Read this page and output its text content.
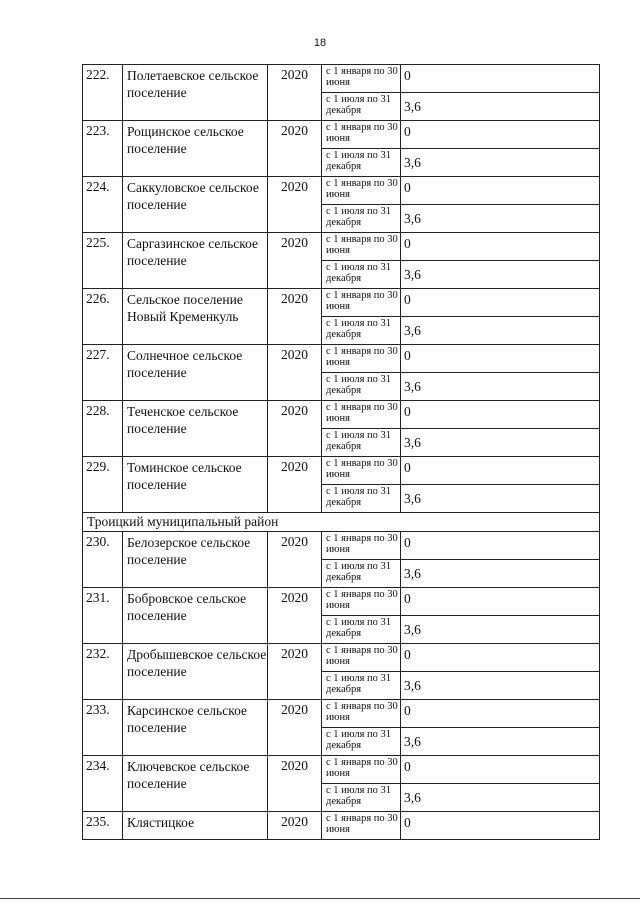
18
222.	Полетаевское сельское поселение	2020	с 1 января по 30 июня	0
			с 1 июля по 31 декабря	3,6
223.	Рощинское сельское поселение	2020	с 1 января по 30 июня	0
			с 1 июля по 31 декабря	3,6
224.	Саккуловское сельское поселение	2020	с 1 января по 30 июня	0
			с 1 июля по 31 декабря	3,6
225.	Саргазинское сельское поселение	2020	с 1 января по 30 июня	0
			с 1 июля по 31 декабря	3,6
226.	Сельское поселение Новый Кременкуль	2020	с 1 января по 30 июня	0
			с 1 июля по 31 декабря	3,6
227.	Солнечное сельское поселение	2020	с 1 января по 30 июня	0
			с 1 июля по 31 декабря	3,6
228.	Теченское сельское поселение	2020	с 1 января по 30 июня	0
			с 1 июля по 31 декабря	3,6
229.	Томинское сельское поселение	2020	с 1 января по 30 июня	0
			с 1 июля по 31 декабря	3,6
Троицкий муниципальный район				
230.	Белозерское сельское поселение	2020	с 1 января по 30 июня	0
			с 1 июля по 31 декабря	3,6
231.	Бобровское сельское поселение	2020	с 1 января по 30 июня	0
			с 1 июля по 31 декабря	3,6
232.	Дробышевское сельское поселение	2020	с 1 января по 30 июня	0
			с 1 июля по 31 декабря	3,6
233.	Карсинское сельское поселение	2020	с 1 января по 30 июня	0
			с 1 июля по 31 декабря	3,6
234.	Ключевское сельское поселение	2020	с 1 января по 30 июня	0
			с 1 июля по 31 декабря	3,6
235.	Клястицкое	2020	с 1 января по 30 июня	0
